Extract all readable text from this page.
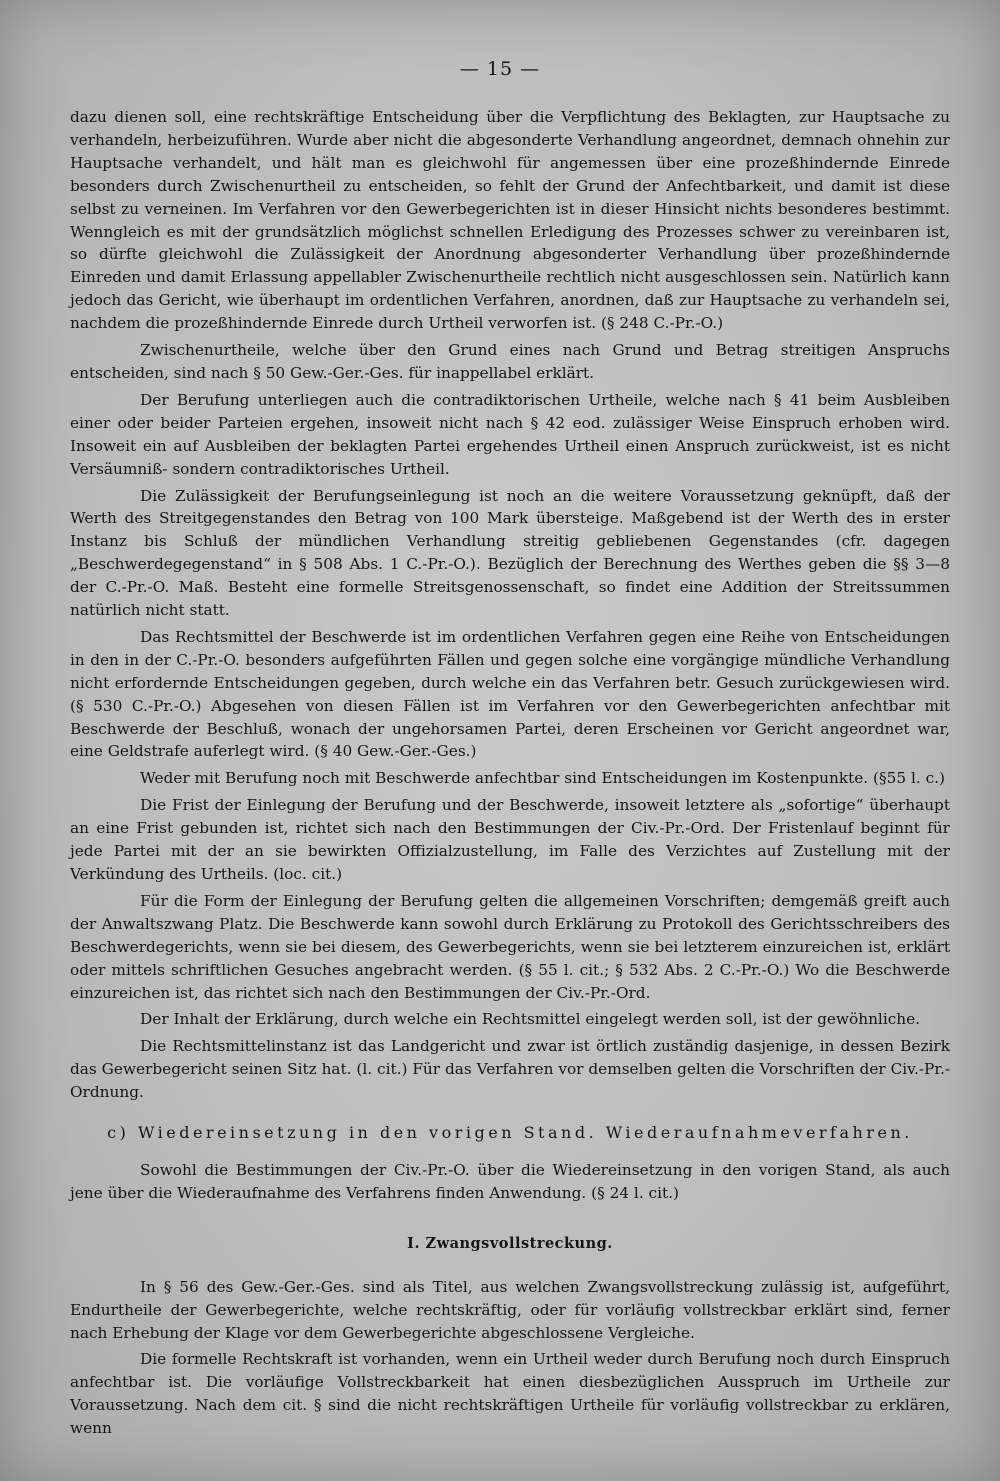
— 15 —

dazu dienen soll, eine rechtskräftige Entscheidung über die Verpflichtung des Beklagten, zur Hauptsache zu verhandeln, herbeizuführen. Wurde aber nicht die abgesonderte Verhandlung angeordnet, demnach ohnehin zur Hauptsache verhandelt, und hält man es gleichwohl für angemessen über eine prozeßhindernde Einrede besonders durch Zwischenurtheil zu entscheiden, so fehlt der Grund der Anfechtbarkeit, und damit ist diese selbst zu verneinen. Im Verfahren vor den Gewerbegerichten ist in dieser Hinsicht nichts besonderes bestimmt. Wenngleich es mit der grundsätzlich möglichst schnellen Erledigung des Prozesses schwer zu vereinbaren ist, so dürfte gleichwohl die Zulässigkeit der Anordnung abgesonderter Verhandlung über prozeßhindernde Einreden und damit Erlassung appellabler Zwischenurtheile rechtlich nicht ausgeschlossen sein. Natürlich kann jedoch das Gericht, wie überhaupt im ordentlichen Verfahren, anordnen, daß zur Hauptsache zu verhandeln sei, nachdem die prozeßhindernde Einrede durch Urtheil verworfen ist. (§ 248 C.-Pr.-O.)

Zwischenurtheile, welche über den Grund eines nach Grund und Betrag streitigen Anspruchs entscheiden, sind nach § 50 Gew.-Ger.-Ges. für inappellabel erklärt.

Der Berufung unterliegen auch die contradiktorischen Urtheile, welche nach § 41 beim Ausbleiben einer oder beider Parteien ergehen, insoweit nicht nach § 42 eod. zulässiger Weise Einspruch erhoben wird. Insoweit ein auf Ausbleiben der beklagten Partei ergehendes Urtheil einen Anspruch zurückweist, ist es nicht Versäumniß- sondern contradiktorisches Urtheil.

Die Zulässigkeit der Berufungseinlegung ist noch an die weitere Voraussetzung geknüpft, daß der Werth des Streitgegenstandes den Betrag von 100 Mark übersteige. Maßgebend ist der Werth des in erster Instanz bis Schluß der mündlichen Verhandlung streitig gebliebenen Gegenstandes (cfr. dagegen „Beschwerdegegenstand“ in § 508 Abs. 1 C.-Pr.-O.). Bezüglich der Berechnung des Werthes geben die §§ 3—8 der C.-Pr.-O. Maß. Besteht eine formelle Streitsgenossenschaft, so findet eine Addition der Streitssummen natürlich nicht statt.

Das Rechtsmittel der Beschwerde ist im ordentlichen Verfahren gegen eine Reihe von Entscheidungen in den in der C.-Pr.-O. besonders aufgeführten Fällen und gegen solche eine vorgängige mündliche Verhandlung nicht erfordernde Entscheidungen gegeben, durch welche ein das Verfahren betr. Gesuch zurückgewiesen wird. (§ 530 C.-Pr.-O.) Abgesehen von diesen Fällen ist im Verfahren vor den Gewerbegerichten anfechtbar mit Beschwerde der Beschluß, wonach der ungehorsamen Partei, deren Erscheinen vor Gericht angeordnet war, eine Geldstrafe auferlegt wird. (§ 40 Gew.-Ger.-Ges.)

Weder mit Berufung noch mit Beschwerde anfechtbar sind Entscheidungen im Kostenpunkte. (§55 l. c.)

Die Frist der Einlegung der Berufung und der Beschwerde, insoweit letztere als „sofortige“ überhaupt an eine Frist gebunden ist, richtet sich nach den Bestimmungen der Civ.-Pr.-Ord. Der Fristenlauf beginnt für jede Partei mit der an sie bewirkten Offizialzustellung, im Falle des Verzichtes auf Zustellung mit der Verkündung des Urtheils. (loc. cit.)

Für die Form der Einlegung der Berufung gelten die allgemeinen Vorschriften; demgemäß greift auch der Anwaltszwang Platz. Die Beschwerde kann sowohl durch Erklärung zu Protokoll des Gerichtsschreibers des Beschwerdegerichts, wenn sie bei diesem, des Gewerbegerichts, wenn sie bei letzterem einzureichen ist, erklärt oder mittels schriftlichen Gesuches angebracht werden. (§ 55 l. cit.; § 532 Abs. 2 C.-Pr.-O.) Wo die Beschwerde einzureichen ist, das richtet sich nach den Bestimmungen der Civ.-Pr.-Ord.

Der Inhalt der Erklärung, durch welche ein Rechtsmittel eingelegt werden soll, ist der gewöhnliche.

Die Rechtsmittelinstanz ist das Landgericht und zwar ist örtlich zuständig dasjenige, in dessen Bezirk das Gewerbegericht seinen Sitz hat. (l. cit.) Für das Verfahren vor demselben gelten die Vorschriften der Civ.-Pr.-Ordnung.

c) Wiedereinsetzung in den vorigen Stand. Wiederaufnahmeverfahren.

Sowohl die Bestimmungen der Civ.-Pr.-O. über die Wiedereinsetzung in den vorigen Stand, als auch jene über die Wiederaufnahme des Verfahrens finden Anwendung. (§ 24 l. cit.)

I. Zwangsvollstreckung.

In § 56 des Gew.-Ger.-Ges. sind als Titel, aus welchen Zwangsvollstreckung zulässig ist, aufgeführt, Endurtheile der Gewerbegerichte, welche rechtskräftig, oder für vorläufig vollstreckbar erklärt sind, ferner nach Erhebung der Klage vor dem Gewerbegerichte abgeschlossene Vergleiche.

Die formelle Rechtskraft ist vorhanden, wenn ein Urtheil weder durch Berufung noch durch Einspruch anfechtbar ist. Die vorläufige Vollstreckbarkeit hat einen diesbezüglichen Ausspruch im Urtheile zur Voraussetzung. Nach dem cit. § sind die nicht rechtskräftigen Urtheile für vorläufig vollstreckbar zu erklären, wenn
